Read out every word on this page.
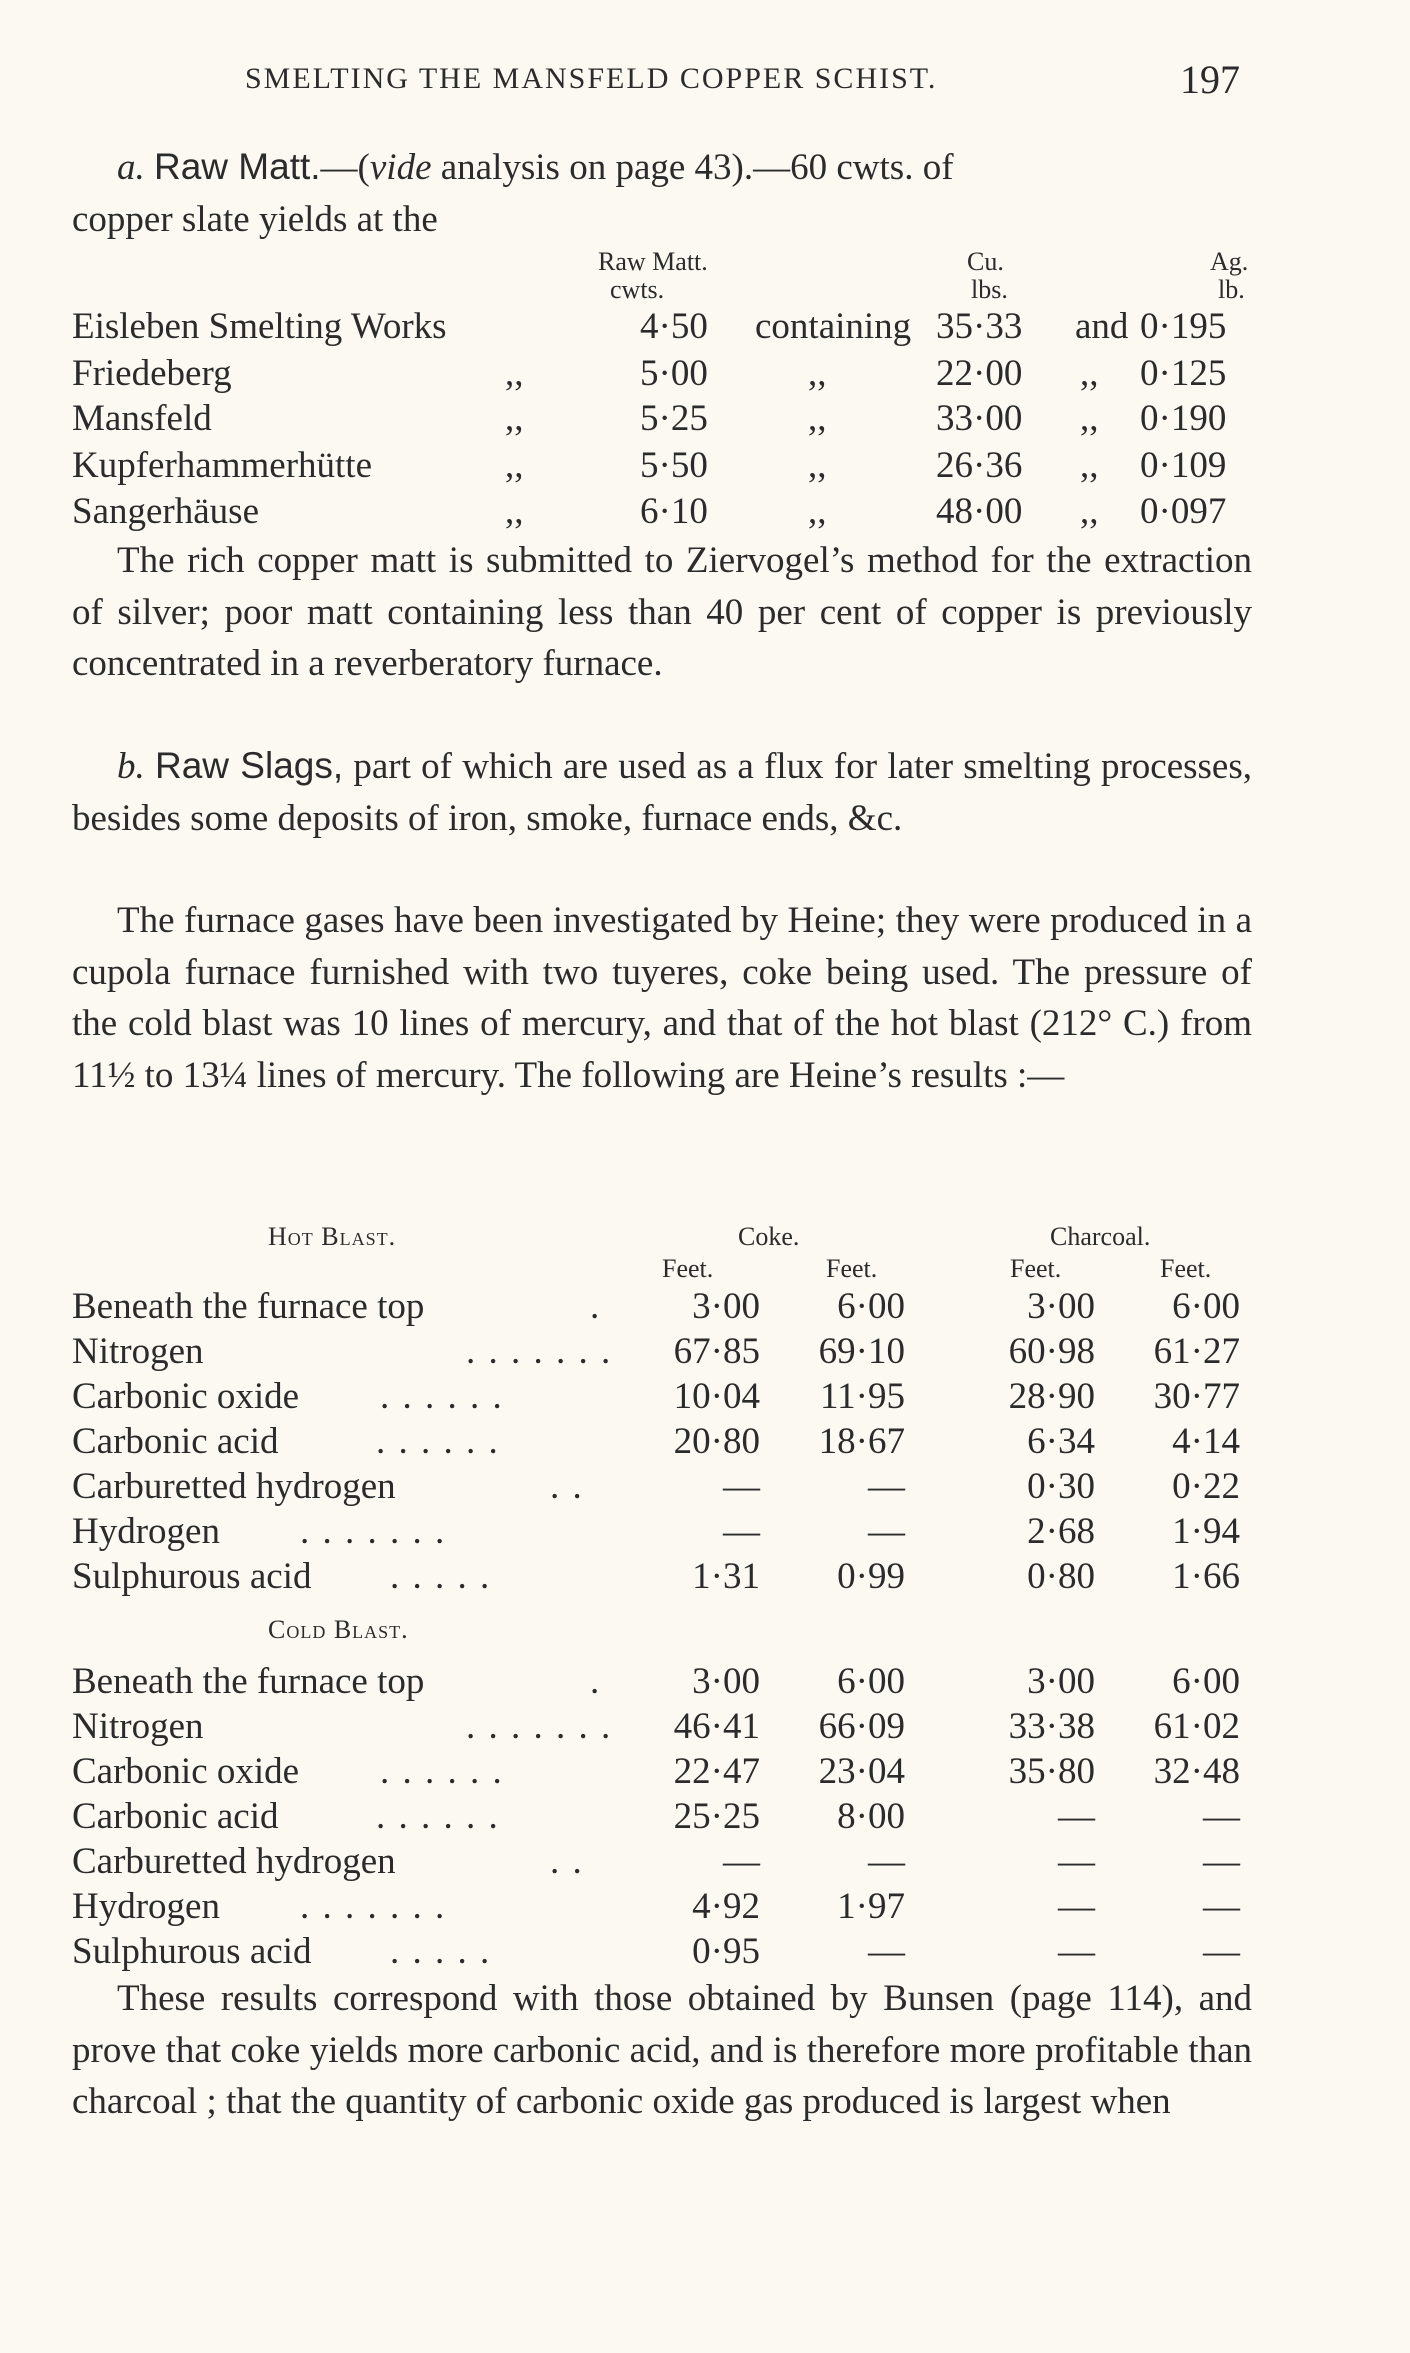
SMELTING THE MANSFELD COPPER SCHIST.	197
a. Raw Matt.—(vide analysis on page 43).—60 cwts. of
copper slate yields at the
Raw Matt.
cwts.
Cu.
lbs.
Ag.
lb.
Eisleben Smelting Works	4·50 containing 35·33 and 0·195
Friedeberg	,,	5·00	,,	22·00 ,, 0·125
Mansfeld	,,	5·25	,,	33·00 ,, 0·190
Kupferhammerhütte	,,	5·50	,,	26·36 ,, 0·109
Sangerhäuse	,,	6·10	,,	48·00 ,, 0·097
The rich copper matt is submitted to Ziervogel’s method for the extraction of silver; poor matt containing less than 40 per cent of copper is previously concentrated in a reverberatory furnace.
b. Raw Slags, part of which are used as a flux for later smelting processes, besides some deposits of iron, smoke, furnace ends, &c.
The furnace gases have been investigated by Heine; they were produced in a cupola furnace furnished with two tuyeres, coke being used. The pressure of the cold blast was 10 lines of mercury, and that of the hot blast (212° C.) from 11½ to 13¼ lines of mercury. The following are Heine’s results :—
Hot Blast.	Coke.	Charcoal.
Feet.	Feet.	Feet.	Feet.
Beneath the furnace top	.	3·00	6·00	3·00	6·00
Nitrogen	. . . . . . .	67·85	69·10	60·98	61·27
Carbonic oxide . . . . . .	10·04	11·95	28·90	30·77
Carbonic acid	. . . . . .	20·80	18·67	6·34	4·14
Carburetted hydrogen	. .	—	—	0·30	0·22
Hydrogen . . . . . . .	—	—	2·68	1·94
Sulphurous acid . . . . .	1·31	0·99	0·80	1·66
Cold Blast.
Beneath the furnace top	.	3·00	6·00	3·00	6·00
Nitrogen	. . . . . . .	46·41	66·09	33·38	61·02
Carbonic oxide . . . . . .	22·47	23·04	35·80	32·48
Carbonic acid	. . . . . .	25·25	8·00	—	—
Carburetted hydrogen	. .	—	—	—	—
Hydrogen . . . . . . .	4·92	1·97	—	—
Sulphurous acid . . . . .	0·95	—	—	—
These results correspond with those obtained by Bunsen (page 114), and prove that coke yields more carbonic acid, and is therefore more profitable than charcoal ; that the quantity of carbonic oxide gas produced is largest when
